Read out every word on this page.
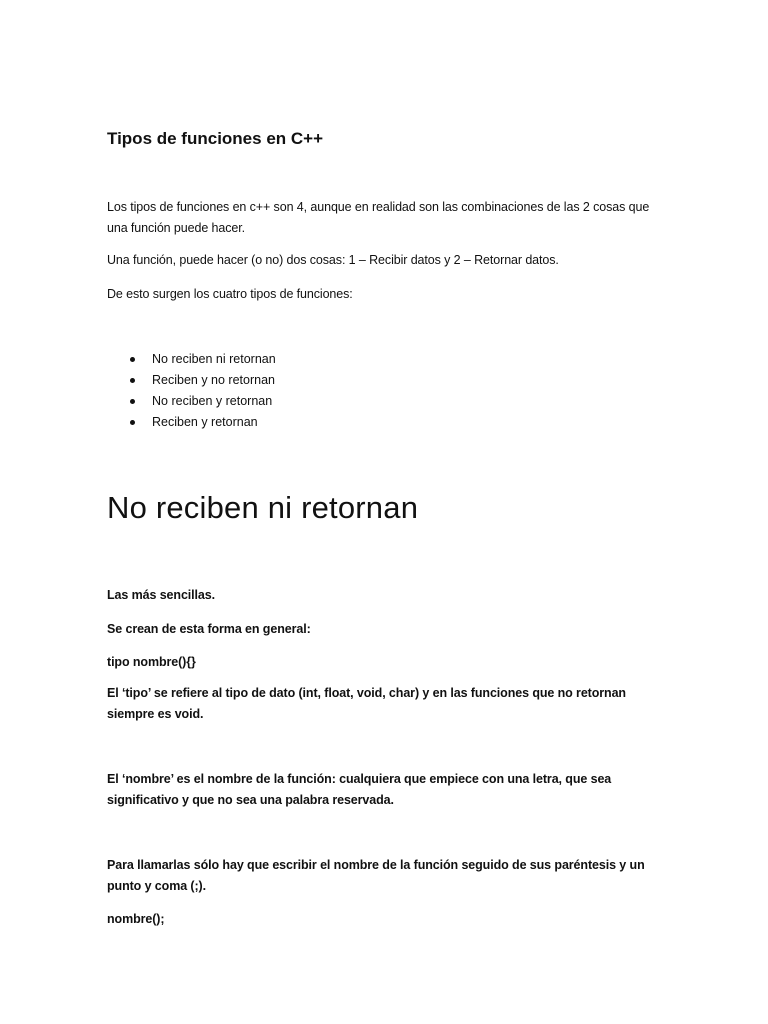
Tipos de funciones en C++

Los tipos de funciones en c++ son 4, aunque en realidad son las combinaciones de las 2 cosas que una función puede hacer.

Una función, puede hacer (o no) dos cosas: 1 – Recibir datos y 2 – Retornar datos.

De esto surgen los cuatro tipos de funciones:

No reciben ni retornan
Reciben y no retornan
No reciben y retornan
Reciben y retornan
No reciben ni retornan

Las más sencillas.

Se crean de esta forma en general:

tipo nombre(){}

El ‘tipo’ se refiere al tipo de dato (int, float, void, char) y en las funciones que no retornan siempre es void.

El ‘nombre’ es el nombre de la función: cualquiera que empiece con una letra, que sea significativo y que no sea una palabra reservada.

Para llamarlas sólo hay que escribir el nombre de la función seguido de sus paréntesis y un punto y coma (;).

nombre();
